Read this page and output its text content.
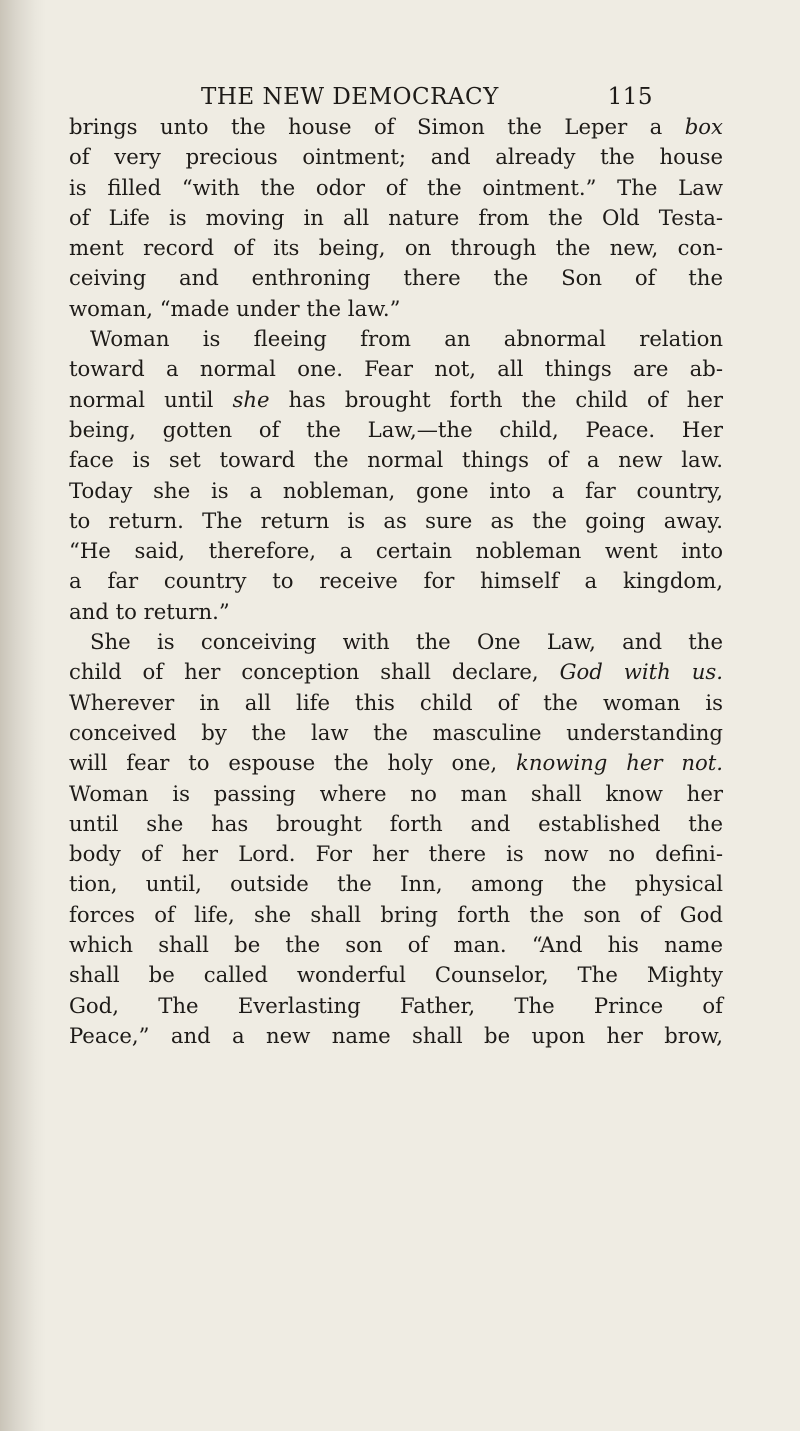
THE NEW DEMOCRACY	115
brings unto the house of Simon the Leper a box
of very precious ointment; and already the house
is filled “with the odor of the ointment.” The Law
of Life is moving in all nature from the Old Testa-
ment record of its being, on through the new, con-
ceiving and enthroning there the Son of the
woman, “made under the law.”
Woman is fleeing from an abnormal relation
toward a normal one. Fear not, all things are ab-
normal until she has brought forth the child of her
being, gotten of the Law,—the child, Peace. Her
face is set toward the normal things of a new law.
Today she is a nobleman, gone into a far country,
to return. The return is as sure as the going away.
“He said, therefore, a certain nobleman went into
a far country to receive for himself a kingdom,
and to return.”
She is conceiving with the One Law, and the
child of her conception shall declare, God with us.
Wherever in all life this child of the woman is
conceived by the law the masculine understanding
will fear to espouse the holy one, knowing her not.
Woman is passing where no man shall know her
until she has brought forth and established the
body of her Lord. For her there is now no defini-
tion, until, outside the Inn, among the physical
forces of life, she shall bring forth the son of God
which shall be the son of man. “And his name
shall be called wonderful Counselor, The Mighty
God, The Everlasting Father, The Prince of
Peace,” and a new name shall be upon her brow,
